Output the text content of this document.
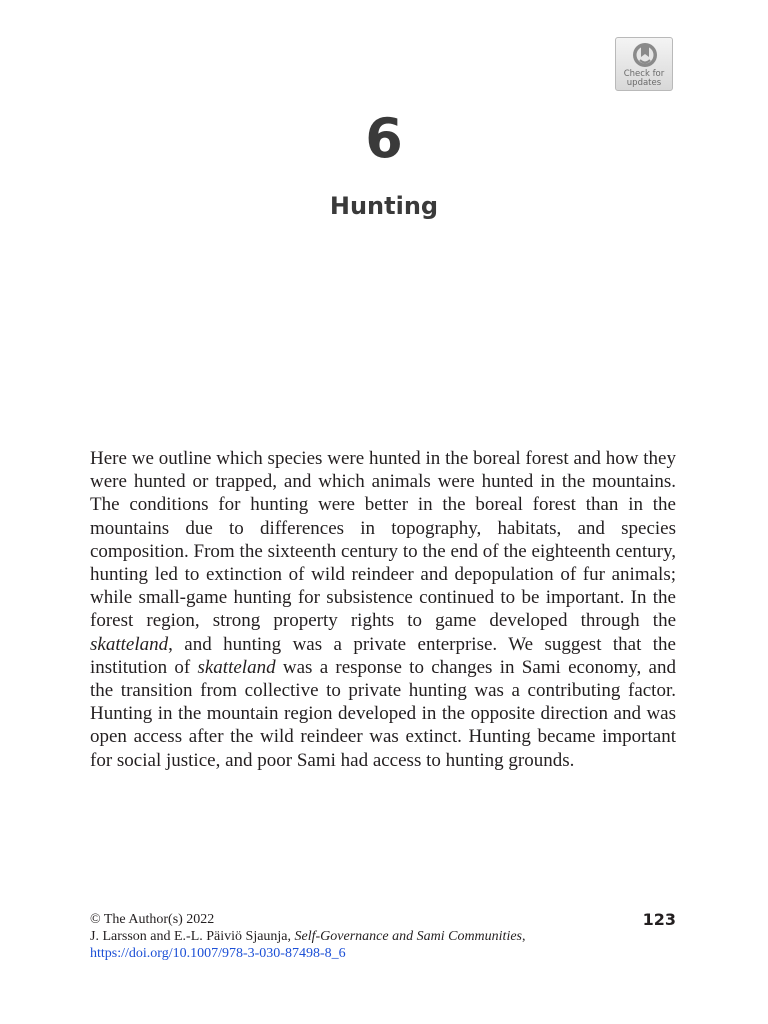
Check for
updates
6
Hunting

Here we outline which species were hunted in the boreal forest and how they were hunted or trapped, and which animals were hunted in the mountains. The conditions for hunting were better in the boreal forest than in the mountains due to differences in topography, habitats, and species composition. From the sixteenth century to the end of the eighteenth century, hunting led to extinction of wild reindeer and depopulation of fur animals; while small-game hunting for subsistence continued to be important. In the forest region, strong property rights to game developed through the skatteland, and hunting was a private enterprise. We suggest that the institution of skatteland was a response to changes in Sami economy, and the transition from collective to private hunting was a contributing factor. Hunting in the mountain region developed in the opposite direction and was open access after the wild reindeer was extinct. Hunting became important for social justice, and poor Sami had access to hunting grounds.

© The Author(s) 2022
J. Larsson and E.-L. Päiviö Sjaunja, Self-Governance and Sami Communities,
https://doi.org/10.1007/978-3-030-87498-8_6
123
